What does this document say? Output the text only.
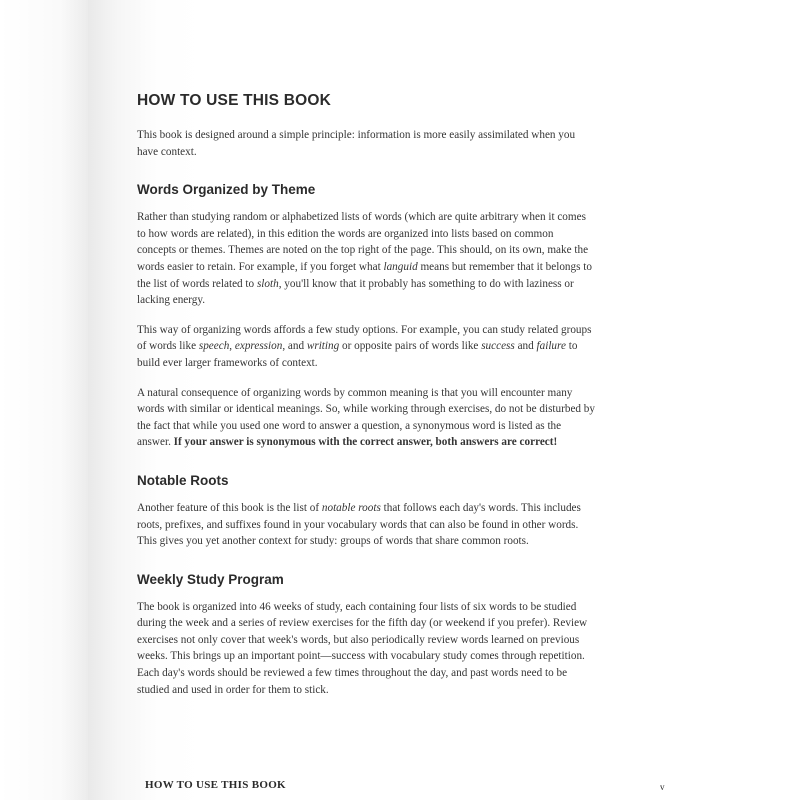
HOW TO USE THIS BOOK

This book is designed around a simple principle: information is more easily assimilated when you have context.

Words Organized by Theme

Rather than studying random or alphabetized lists of words (which are quite arbitrary when it comes to how words are related), in this edition the words are organized into lists based on common concepts or themes. Themes are noted on the top right of the page. This should, on its own, make the words easier to retain. For example, if you forget what languid means but remember that it belongs to the list of words related to sloth, you'll know that it probably has something to do with laziness or lacking energy.

This way of organizing words affords a few study options. For example, you can study related groups of words like speech, expression, and writing or opposite pairs of words like success and failure to build ever larger frameworks of context.

A natural consequence of organizing words by common meaning is that you will encounter many words with similar or identical meanings. So, while working through exercises, do not be disturbed by the fact that while you used one word to answer a question, a synonymous word is listed as the answer. If your answer is synonymous with the correct answer, both answers are correct!

Notable Roots

Another feature of this book is the list of notable roots that follows each day's words. This includes roots, prefixes, and suffixes found in your vocabulary words that can also be found in other words. This gives you yet another context for study: groups of words that share common roots.

Weekly Study Program

The book is organized into 46 weeks of study, each containing four lists of six words to be studied during the week and a series of review exercises for the fifth day (or weekend if you prefer). Review exercises not only cover that week's words, but also periodically review words learned on previous weeks. This brings up an important point—success with vocabulary study comes through repetition. Each day's words should be reviewed a few times throughout the day, and past words need to be studied and used in order for them to stick.

HOW TO USE THIS BOOK	v
